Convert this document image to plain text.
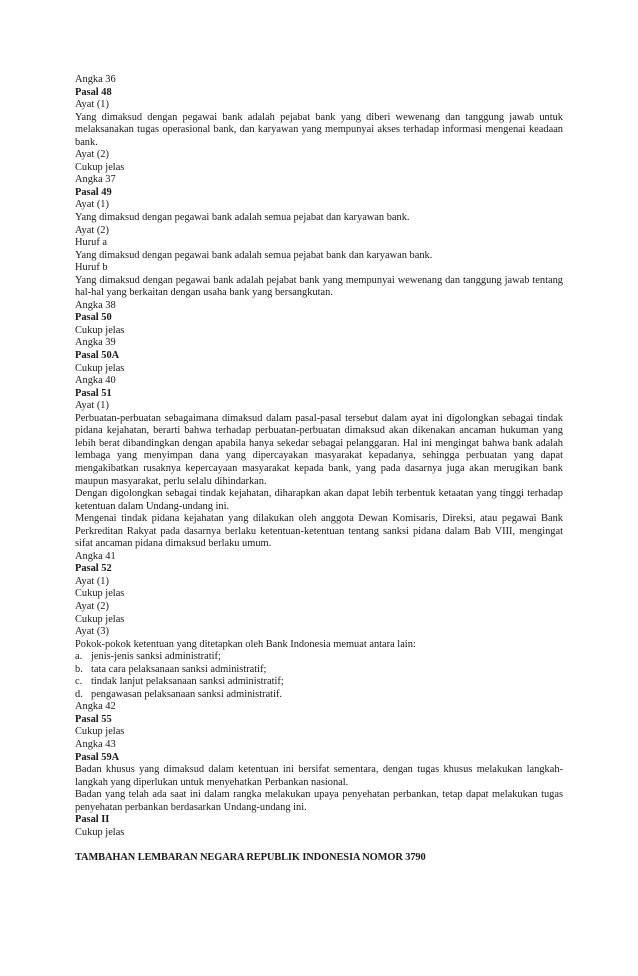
Angka 36
Pasal 48
Ayat (1)
Yang dimaksud dengan pegawai bank adalah pejabat bank yang diberi wewenang dan tanggung jawab untuk melaksanakan tugas operasional bank, dan karyawan yang mempunyai akses terhadap informasi mengenai keadaan bank.
Ayat (2)
Cukup jelas
Angka 37
Pasal 49
Ayat (1)
Yang dimaksud dengan pegawai bank adalah semua pejabat dan karyawan bank.
Ayat (2)
Huruf a
Yang dimaksud dengan pegawai bank adalah semua pejabat bank dan karyawan bank.
Huruf b
Yang dimaksud dengan pegawai bank adalah pejabat bank yang mempunyai wewenang dan tanggung jawab tentang hal-hal yang berkaitan dengan usaha bank yang bersangkutan.
Angka 38
Pasal 50
Cukup jelas
Angka 39
Pasal 50A
Cukup jelas
Angka 40
Pasal 51
Ayat (1)
Perbuatan-perbuatan sebagaimana dimaksud dalam pasal-pasal tersebut dalam ayat ini digolongkan sebagai tindak pidana kejahatan, berarti bahwa terhadap perbuatan-perbuatan dimaksud akan dikenakan ancaman hukuman yang lebih berat dibandingkan dengan apabila hanya sekedar sebagai pelanggaran. Hal ini mengingat bahwa bank adalah lembaga yang menyimpan dana yang dipercayakan masyarakat kepadanya, sehingga perbuatan yang dapat mengakibatkan rusaknya kepercayaan masyarakat kepada bank, yang pada dasarnya juga akan merugikan bank maupun masyarakat, perlu selalu dihindarkan.
Dengan digolongkan sebagai tindak kejahatan, diharapkan akan dapat lebih terbentuk ketaatan yang tinggi terhadap ketentuan dalam Undang-undang ini.
Mengenai tindak pidana kejahatan yang dilakukan oleh anggota Dewan Komisaris, Direksi, atau pegawai Bank Perkreditan Rakyat pada dasarnya berlaku ketentuan-ketentuan tentang sanksi pidana dalam Bab VIII, mengingat sifat ancaman pidana dimaksud berlaku umum.
Angka 41
Pasal 52
Ayat (1)
Cukup jelas
Ayat (2)
Cukup jelas
Ayat (3)
Pokok-pokok ketentuan yang ditetapkan oleh Bank Indonesia memuat antara lain:
a. jenis-jenis sanksi administratif;
b. tata cara pelaksanaan sanksi administratif;
c. tindak lanjut pelaksanaan sanksi administratif;
d. pengawasan pelaksanaan sanksi administratif.
Angka 42
Pasal 55
Cukup jelas
Angka 43
Pasal 59A
Badan khusus yang dimaksud dalam ketentuan ini bersifat sementara, dengan tugas khusus melakukan langkah-langkah yang diperlukan untuk menyehatkan Perbankan nasional.
Badan yang telah ada saat ini dalam rangka melakukan upaya penyehatan perbankan, tetap dapat melakukan tugas penyehatan perbankan berdasarkan Undang-undang ini.
Pasal II
Cukup jelas
TAMBAHAN LEMBARAN NEGARA REPUBLIK INDONESIA NOMOR 3790
